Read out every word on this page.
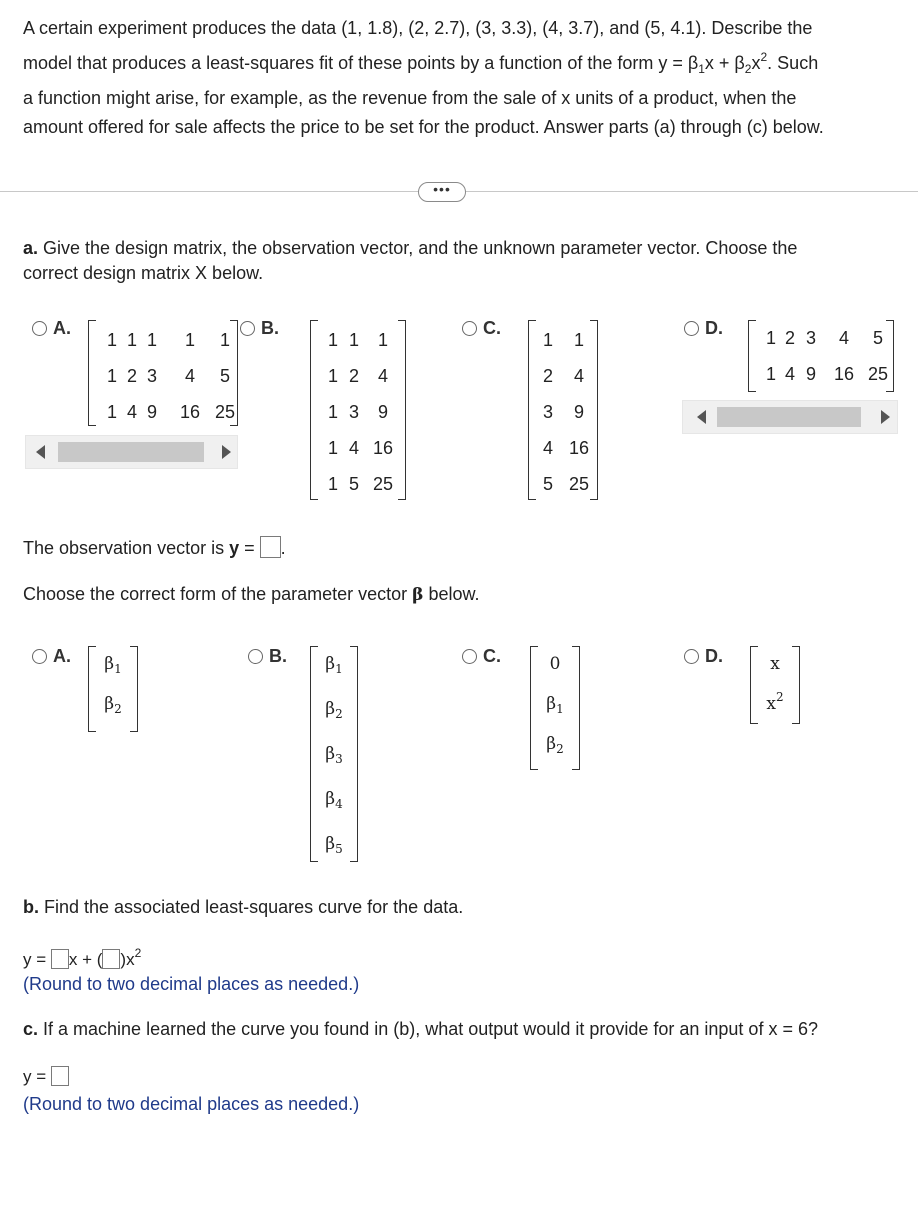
A certain experiment produces the data (1, 1.8), (2, 2.7), (3, 3.3), (4, 3.7), and (5, 4.1). Describe the
model that produces a least-squares fit of these points by a function of the form $y = \beta_1x + \beta_2x^2$. Such
a function might arise, for example, as the revenue from the sale of x units of a product, when the
amount offered for sale affects the price to be set for the product. Answer parts (a) through (c) below.
•••
a. Give the design matrix, the observation vector, and the unknown parameter vector. Choose the
correct design matrix X below.
A.
1 1 1	1	1
1 2 3	4	5
1 4 9	16 25
B.
1 1	1
1 2	4
1 3	9
1 4 16
1 5 25
C.
1	1
2	4
3	9
4 16
5 25
D.	1 2 3	4	5
1 4 9 16 25
The observation vector is y = .
Choose the correct form of the parameter vector β below.
A.	$\beta_1$
$\beta_2$
B.	$\beta_1$
$\beta_2$
$\beta_3$
$\beta_4$
$\beta_5$
C.	0
$\beta_1$
$\beta_2$
D.	x
$x^2$
b. Find the associated least-squares curve for the data.
y = x + ( )$x^2$
(Round to two decimal places as needed.)
c. If a machine learned the curve you found in (b), what output would it provide for an input of x = 6?
y =
(Round to two decimal places as needed.)
